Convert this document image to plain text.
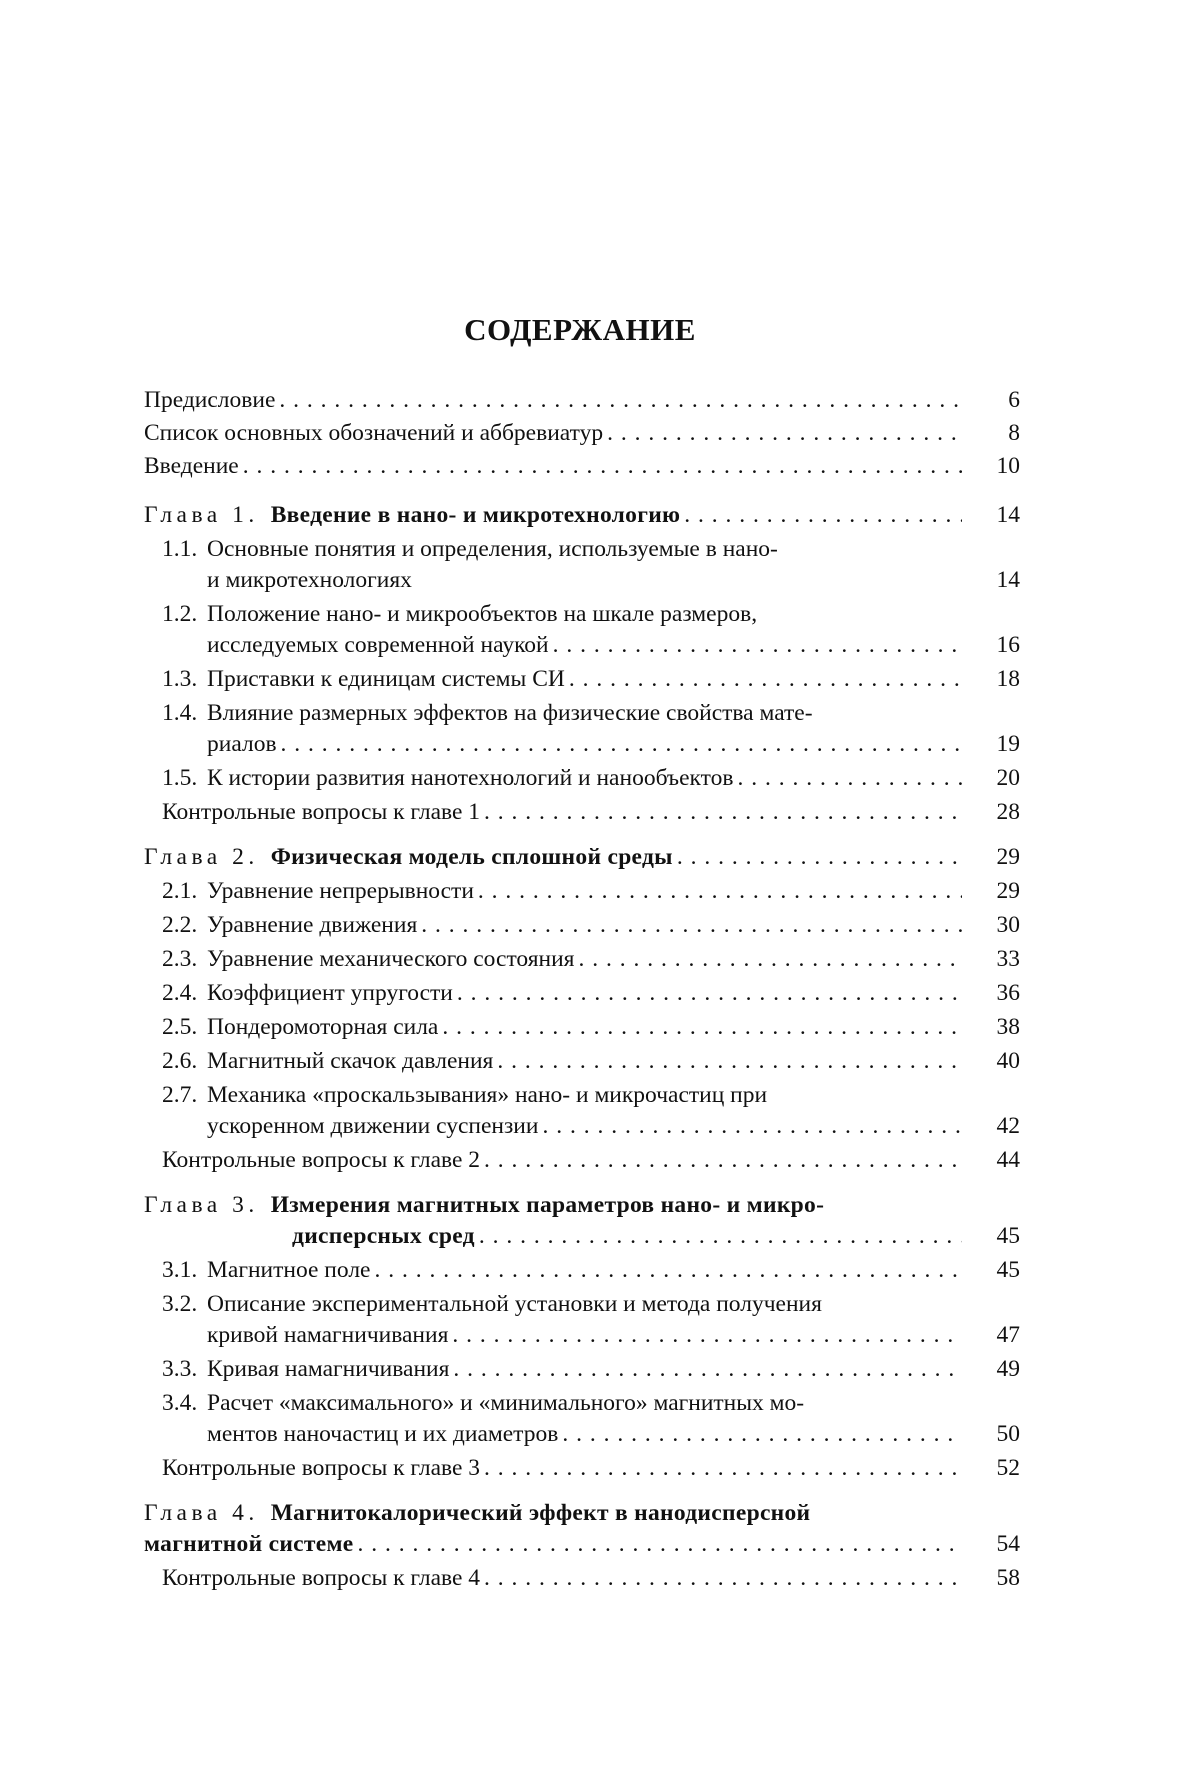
СОДЕРЖАНИЕ
Предисловие . . .	6
Список основных обозначений и аббревиатур . . .	8
Введение . . .	10
Глава 1. Введение в нано- и микротехнологию . . .	14
1.1. Основные понятия и определения, используемые в нано-
и микротехнологиях	14
1.2. Положение нано- и микрообъектов на шкале размеров,
исследуемых современной наукой . . .	16
1.3. Приставки к единицам системы СИ . . .	18
1.4. Влияние размерных эффектов на физические свойства мате-
риалов . . .	19
1.5. К истории развития нанотехнологий и нанообъектов . . .	20
Контрольные вопросы к главе 1 . . .	28
Глава 2. Физическая модель сплошной среды . . .	29
2.1. Уравнение непрерывности . . .	29
2.2. Уравнение движения . . .	30
2.3. Уравнение механического состояния . . .	33
2.4. Коэффициент упругости . . .	36
2.5. Пондеромоторная сила . . .	38
2.6. Магнитный скачок давления . . .	40
2.7. Механика «проскальзывания» нано- и микрочастиц при
ускоренном движении суспензии . . .	42
Контрольные вопросы к главе 2 . . .	44
Глава 3. Измерения магнитных параметров нано- и микро-
дисперсных сред . . .	45
3.1. Магнитное поле . . .	45
3.2. Описание экспериментальной установки и метода получения
кривой намагничивания . . .	47
3.3. Кривая намагничивания . . .	49
3.4. Расчет «максимального» и «минимального» магнитных мо-
ментов наночастиц и их диаметров . . .	50
Контрольные вопросы к главе 3 . . .	52
Глава 4. Магнитокалорический эффект в нанодисперсной
магнитной системе . . .	54
Контрольные вопросы к главе 4 . . .	58
